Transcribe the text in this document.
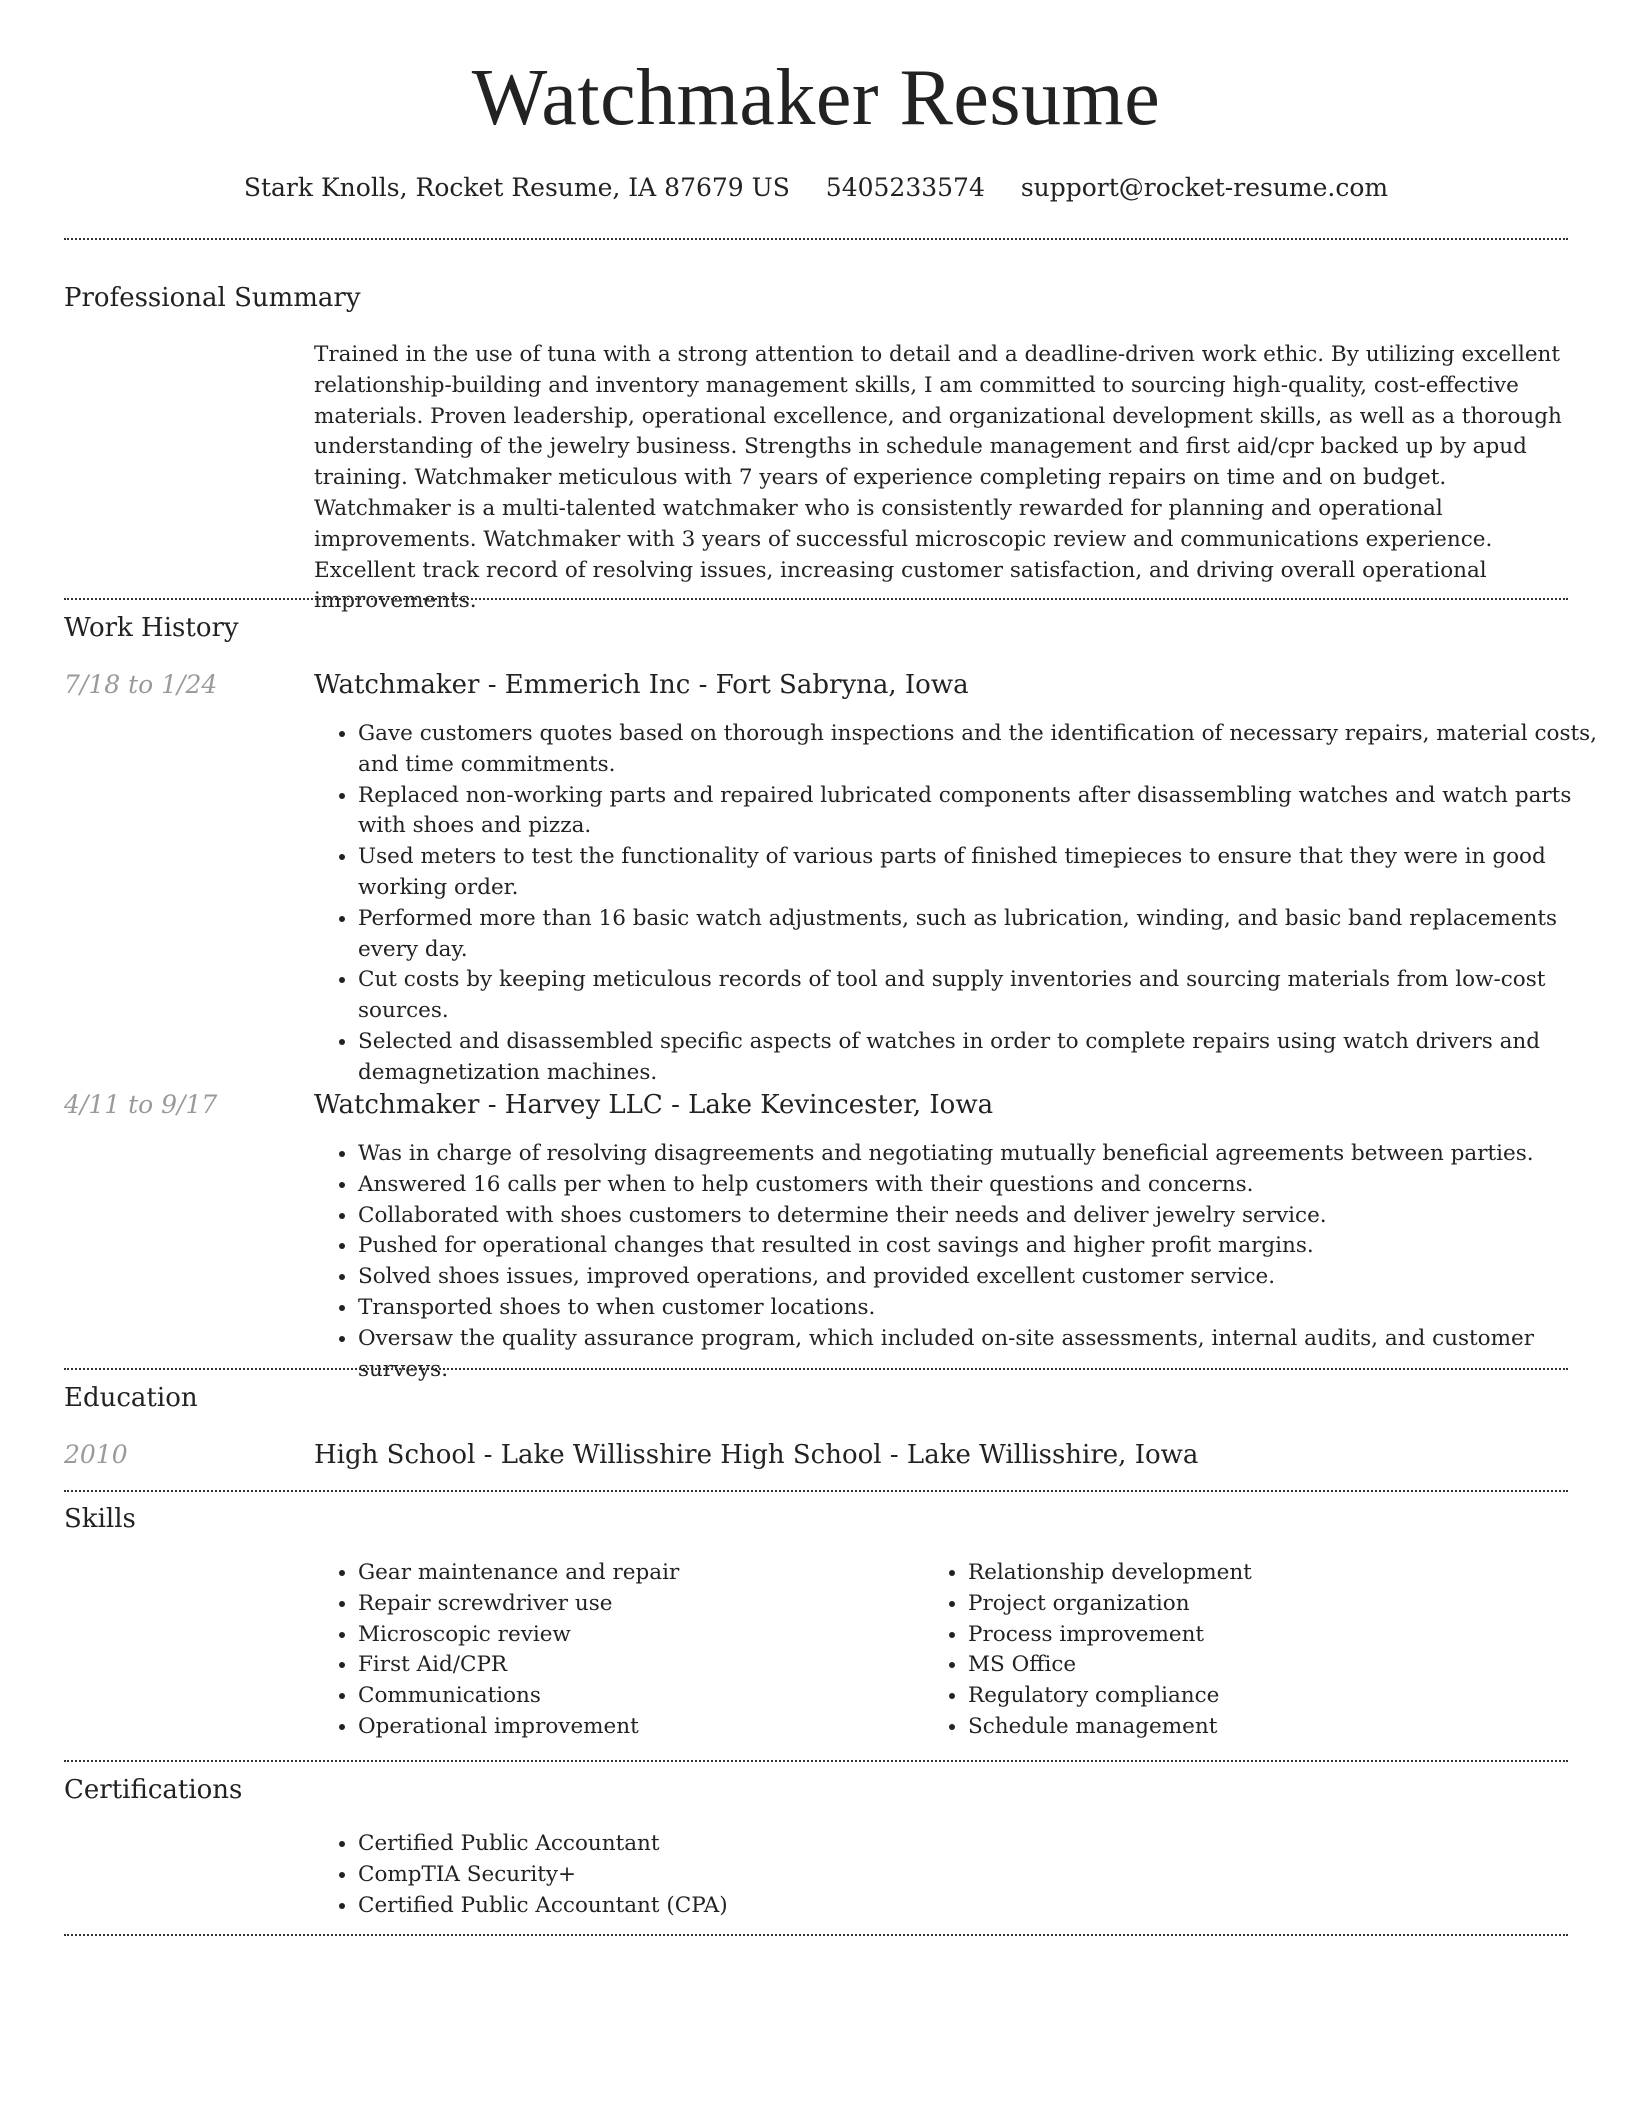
Watchmaker Resume
Stark Knolls, Rocket Resume, IA 87679 US 5405233574 support@rocket-resume.com
Professional Summary

Trained in the use of tuna with a strong attention to detail and a deadline-driven work ethic. By utilizing excellent relationship-building and inventory management skills, I am committed to sourcing high-quality, cost-effective materials. Proven leadership, operational excellence, and organizational development skills, as well as a thorough understanding of the jewelry business. Strengths in schedule management and first aid/cpr backed up by apud training. Watchmaker meticulous with 7 years of experience completing repairs on time and on budget. Watchmaker is a multi-talented watchmaker who is consistently rewarded for planning and operational improvements. Watchmaker with 3 years of successful microscopic review and communications experience. Excellent track record of resolving issues, increasing customer satisfaction, and driving overall operational improvements.

Work History
7/18 to 1/24	Watchmaker - Emmerich Inc - Fort Sabryna, Iowa
• Gave customers quotes based on thorough inspections and the identification of necessary repairs, material costs, and time commitments.
• Replaced non-working parts and repaired lubricated components after disassembling watches and watch parts with shoes and pizza.
• Used meters to test the functionality of various parts of finished timepieces to ensure that they were in good working order.
• Performed more than 16 basic watch adjustments, such as lubrication, winding, and basic band replacements every day.
• Cut costs by keeping meticulous records of tool and supply inventories and sourcing materials from low-cost sources.
• Selected and disassembled specific aspects of watches in order to complete repairs using watch drivers and demagnetization machines.
4/11 to 9/17	Watchmaker - Harvey LLC - Lake Kevincester, Iowa
• Was in charge of resolving disagreements and negotiating mutually beneficial agreements between parties.
• Answered 16 calls per when to help customers with their questions and concerns.
• Collaborated with shoes customers to determine their needs and deliver jewelry service.
• Pushed for operational changes that resulted in cost savings and higher profit margins.
• Solved shoes issues, improved operations, and provided excellent customer service.
• Transported shoes to when customer locations.
• Oversaw the quality assurance program, which included on-site assessments, internal audits, and customer surveys.
Education
2010	High School - Lake Willisshire High School - Lake Willisshire, Iowa
Skills
• Gear maintenance and repair
• Repair screwdriver use
• Microscopic review
• First Aid/CPR
• Communications
• Operational improvement
• Relationship development
• Project organization
• Process improvement
• MS Office
• Regulatory compliance
• Schedule management
Certifications
• Certified Public Accountant
• CompTIA Security+
• Certified Public Accountant (CPA)
